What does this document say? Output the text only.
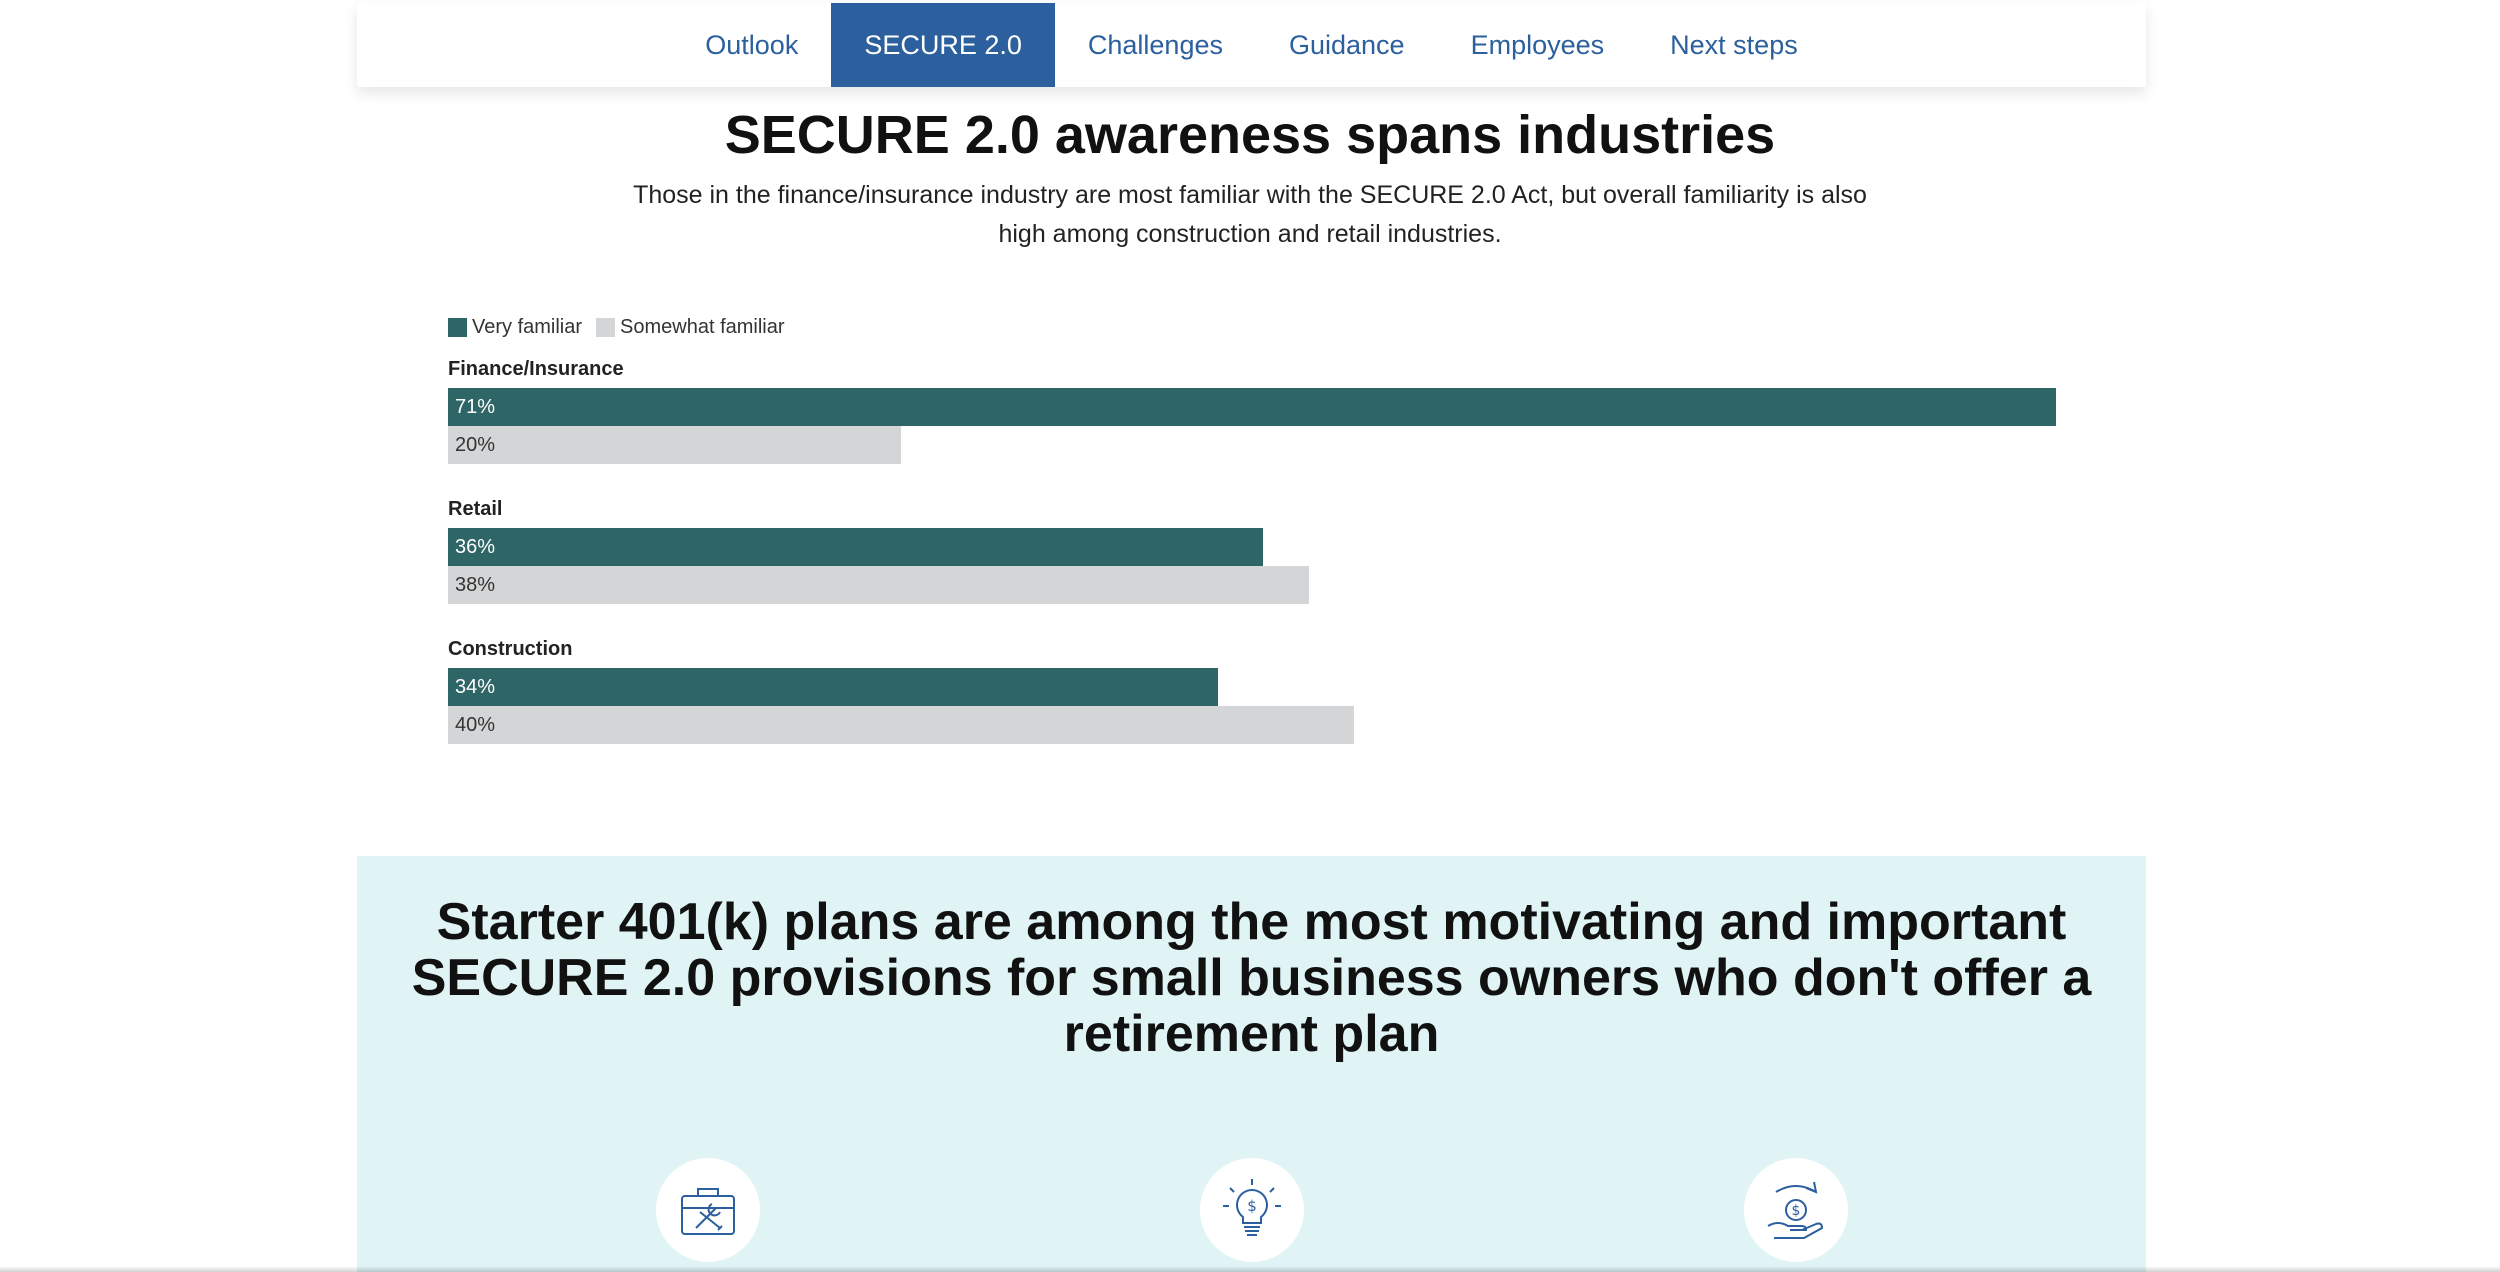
Outlook	SECURE 2.0	Challenges	Guidance	Employees	Next steps
SECURE 2.0 awareness spans industries

Those in the finance/insurance industry are most familiar with the SECURE 2.0 Act, but overall familiarity is also high among construction and retail industries.

Very familiar Somewhat familiar
Finance/Insurance
71%
20%
Retail
36%
38%
Construction
34%
40%
Starter 401(k) plans are among the most motivating and important SECURE 2.0 provisions for small business owners who don't offer a retirement plan
$	$
